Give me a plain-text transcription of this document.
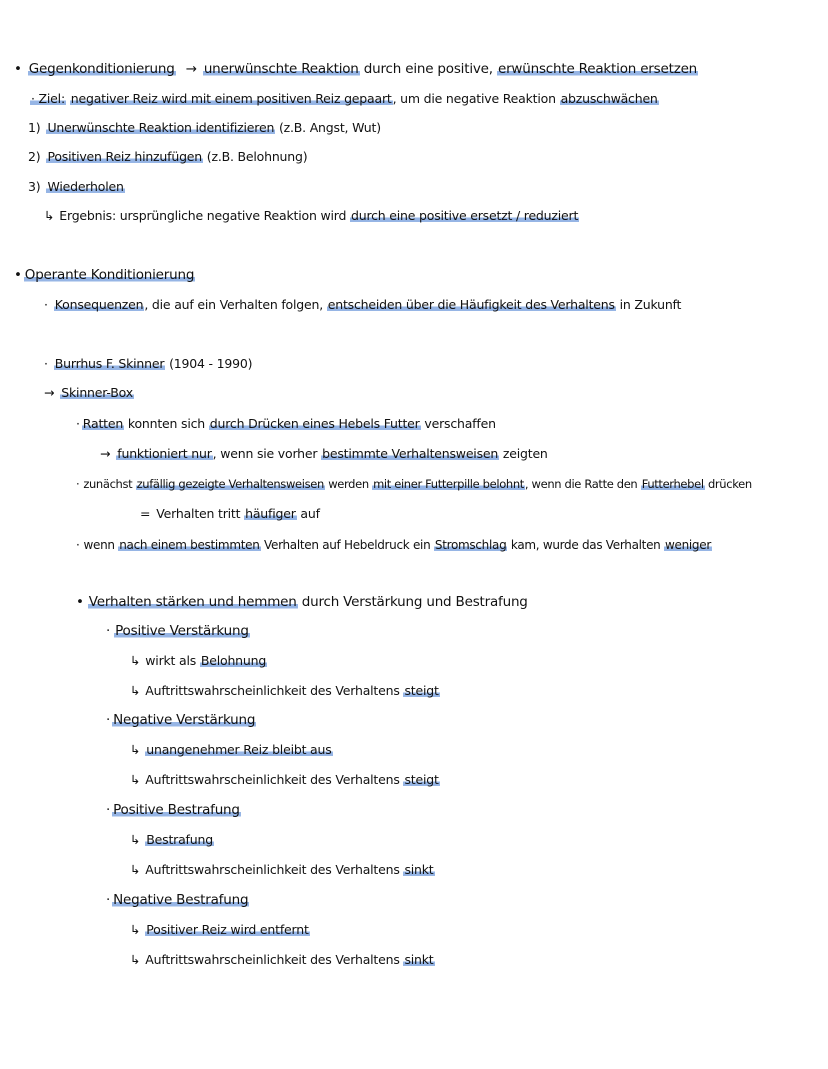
• Gegenkonditionierung → unerwünschte Reaktion durch eine positive, erwünschte Reaktion ersetzen
· Ziel: negativer Reiz wird mit einem positiven Reiz gepaart, um die negative Reaktion abzuschwächen
1) Unerwünschte Reaktion identifizieren (z.B. Angst, Wut)
2) Positiven Reiz hinzufügen (z.B. Belohnung)
3) Wiederholen
↳ Ergebnis: ursprüngliche negative Reaktion wird durch eine positive ersetzt / reduziert
• Operante Konditionierung
· Konsequenzen, die auf ein Verhalten folgen, entscheiden über die Häufigkeit des Verhaltens in Zukunft
· Burrhus F. Skinner (1904 - 1990)
→ Skinner-Box
· Ratten konnten sich durch Drücken eines Hebels Futter verschaffen
→ funktioniert nur, wenn sie vorher bestimmte Verhaltensweisen zeigten
· zunächst zufällig gezeigte Verhaltensweisen werden mit einer Futterpille belohnt, wenn die Ratte den Futterhebel drücken
= Verhalten tritt häufiger auf
· wenn nach einem bestimmten Verhalten auf Hebeldruck ein Stromschlag kam, wurde das Verhalten weniger
• Verhalten stärken und hemmen durch Verstärkung und Bestrafung
· Positive Verstärkung
↳ wirkt als Belohnung
↳ Auftrittswahrscheinlichkeit des Verhaltens steigt
· Negative Verstärkung
↳ unangenehmer Reiz bleibt aus
↳ Auftrittswahrscheinlichkeit des Verhaltens steigt
· Positive Bestrafung
↳ Bestrafung
↳ Auftrittswahrscheinlichkeit des Verhaltens sinkt
· Negative Bestrafung
↳ Positiver Reiz wird entfernt
↳ Auftrittswahrscheinlichkeit des Verhaltens sinkt
